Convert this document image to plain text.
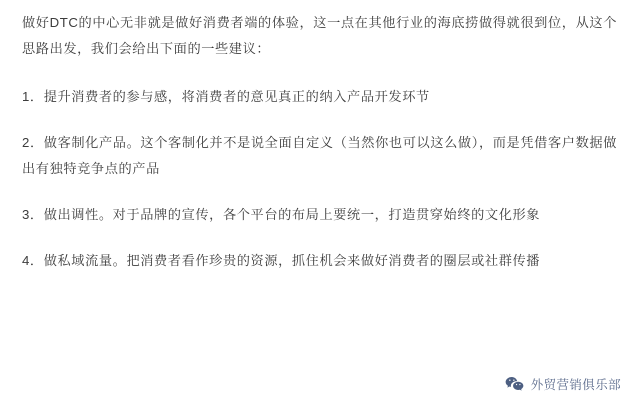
做好DTC的中心无非就是做好消费者端的体验，这一点在其他行业的海底捞做得就很到位，从这个思路出发，我们会给出下面的一些建议：

1．提升消费者的参与感，将消费者的意见真正的纳入产品开发环节

2．做客制化产品。这个客制化并不是说全面自定义（当然你也可以这么做），而是凭借客户数据做出有独特竞争点的产品

3．做出调性。对于品牌的宣传，各个平台的布局上要统一，打造贯穿始终的文化形象

4．做私域流量。把消费者看作珍贵的资源，抓住机会来做好消费者的圈层或社群传播

外贸营销俱乐部
